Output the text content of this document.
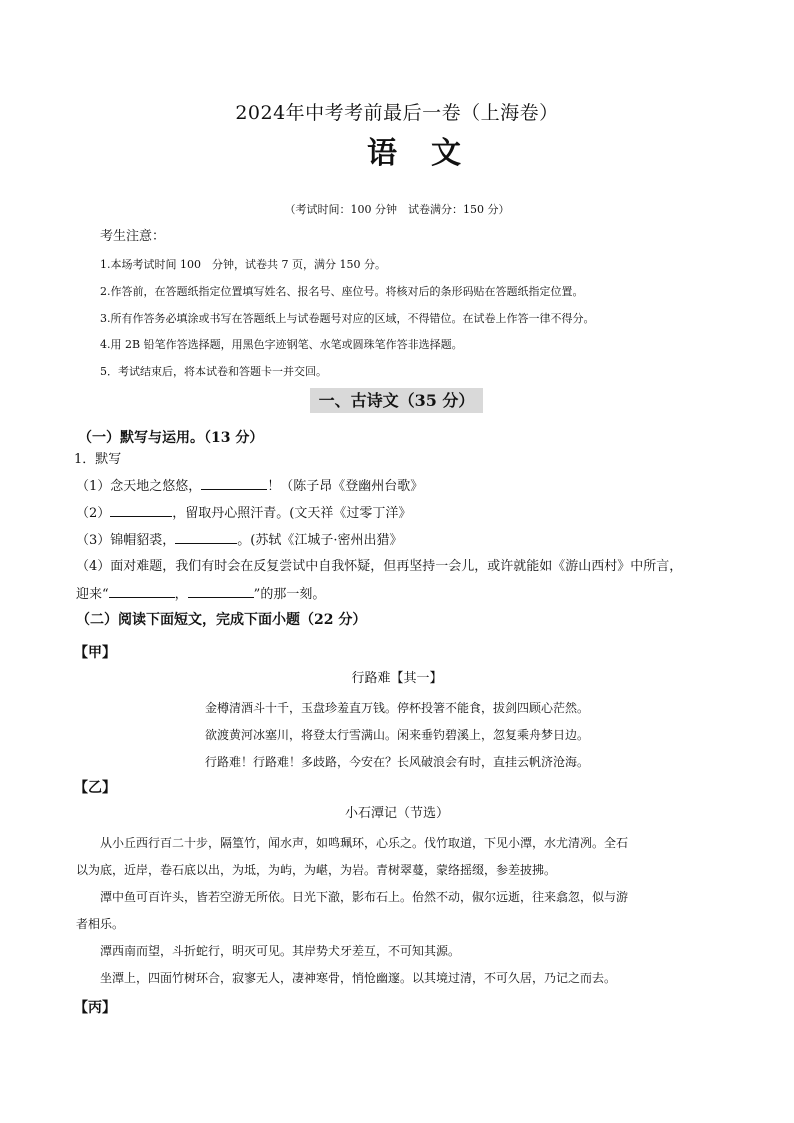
2024年中考考前最后一卷（上海卷）
语文
（考试时间：100 分钟　试卷满分：150 分）
考生注意：
1.本场考试时间 100　分钟，试卷共 7 页，满分 150 分。
2.作答前，在答题纸指定位置填写姓名、报名号、座位号。将核对后的条形码贴在答题纸指定位置。
3.所有作答务必填涂或书写在答题纸上与试卷题号对应的区域，不得错位。在试卷上作答一律不得分。
4.用 2B 铅笔作答选择题，用黑色字迹钢笔、水笔或圆珠笔作答非选择题。
5．考试结束后，将本试卷和答题卡一并交回。
一、古诗文（35 分）
（一）默写与运用。（13 分）
1．默写
（1）念天地之悠悠，	！（陈子昂《登幽州台歌》
（2）	，留取丹心照汗青。(文天祥《过零丁洋》
（3）锦帽貂裘，	。(苏轼《江城子·密州出猎》
（4）面对难题，我们有时会在反复尝试中自我怀疑，但再坚持一会儿，或许就能如《游山西村》中所言，
迎来“	，	”的那一刻。
（二）阅读下面短文，完成下面小题（22 分）
【甲】
行路难【其一】
金樽清酒斗十千，玉盘珍羞直万钱。停杯投箸不能食，拔剑四顾心茫然。
欲渡黄河冰塞川，将登太行雪满山。闲来垂钓碧溪上，忽复乘舟梦日边。
行路难！行路难！多歧路，今安在？长风破浪会有时，直挂云帆济沧海。
【乙】
小石潭记（节选）
从小丘西行百二十步，隔篁竹，闻水声，如鸣珮环，心乐之。伐竹取道，下见小潭，水尤清冽。全石
以为底，近岸，卷石底以出，为坻，为屿，为嵁，为岩。青树翠蔓，蒙络摇缀，参差披拂。
潭中鱼可百许头，皆若空游无所依。日光下澈，影布石上。佁然不动，俶尔远逝，往来翕忽，似与游
者相乐。
潭西南而望，斗折蛇行，明灭可见。其岸势犬牙差互，不可知其源。
坐潭上，四面竹树环合，寂寥无人，凄神寒骨，悄怆幽邃。以其境过清，不可久居，乃记之而去。
【丙】
